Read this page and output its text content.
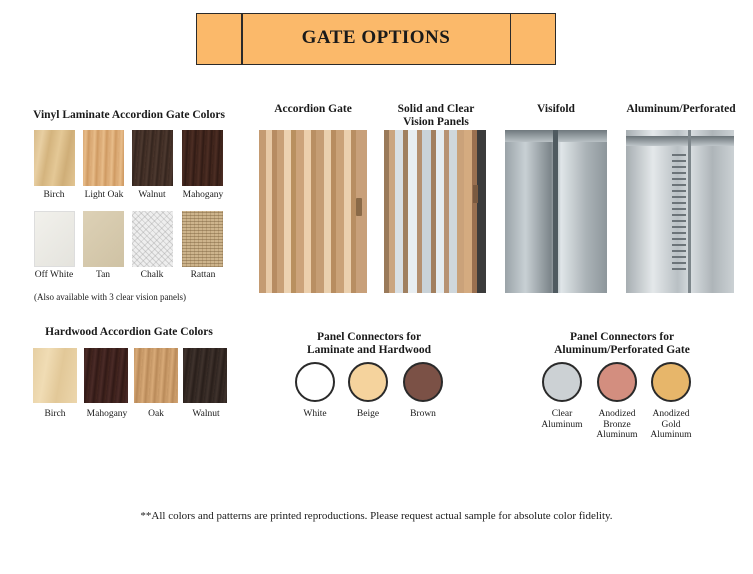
GATE OPTIONS
Vinyl Laminate Accordion Gate Colors
Birch	Light Oak	Walnut	Mahogany
Off White	Tan	Chalk	Rattan
(Also available with 3 clear vision panels)
Hardwood Accordion Gate Colors
Birch	Mahogany	Oak	Walnut
Accordion Gate	Solid and Clear
Vision Panels
Visifold	Aluminum/Perforated
Panel Connectors for
Laminate and Hardwood
White	Beige	Brown
Panel Connectors for
Aluminum/Perforated Gate
Clear
Aluminum
Anodized
Bronze
Aluminum
Anodized
Gold
Aluminum
**All colors and patterns are printed reproductions. Please request actual sample for absolute color fidelity.
